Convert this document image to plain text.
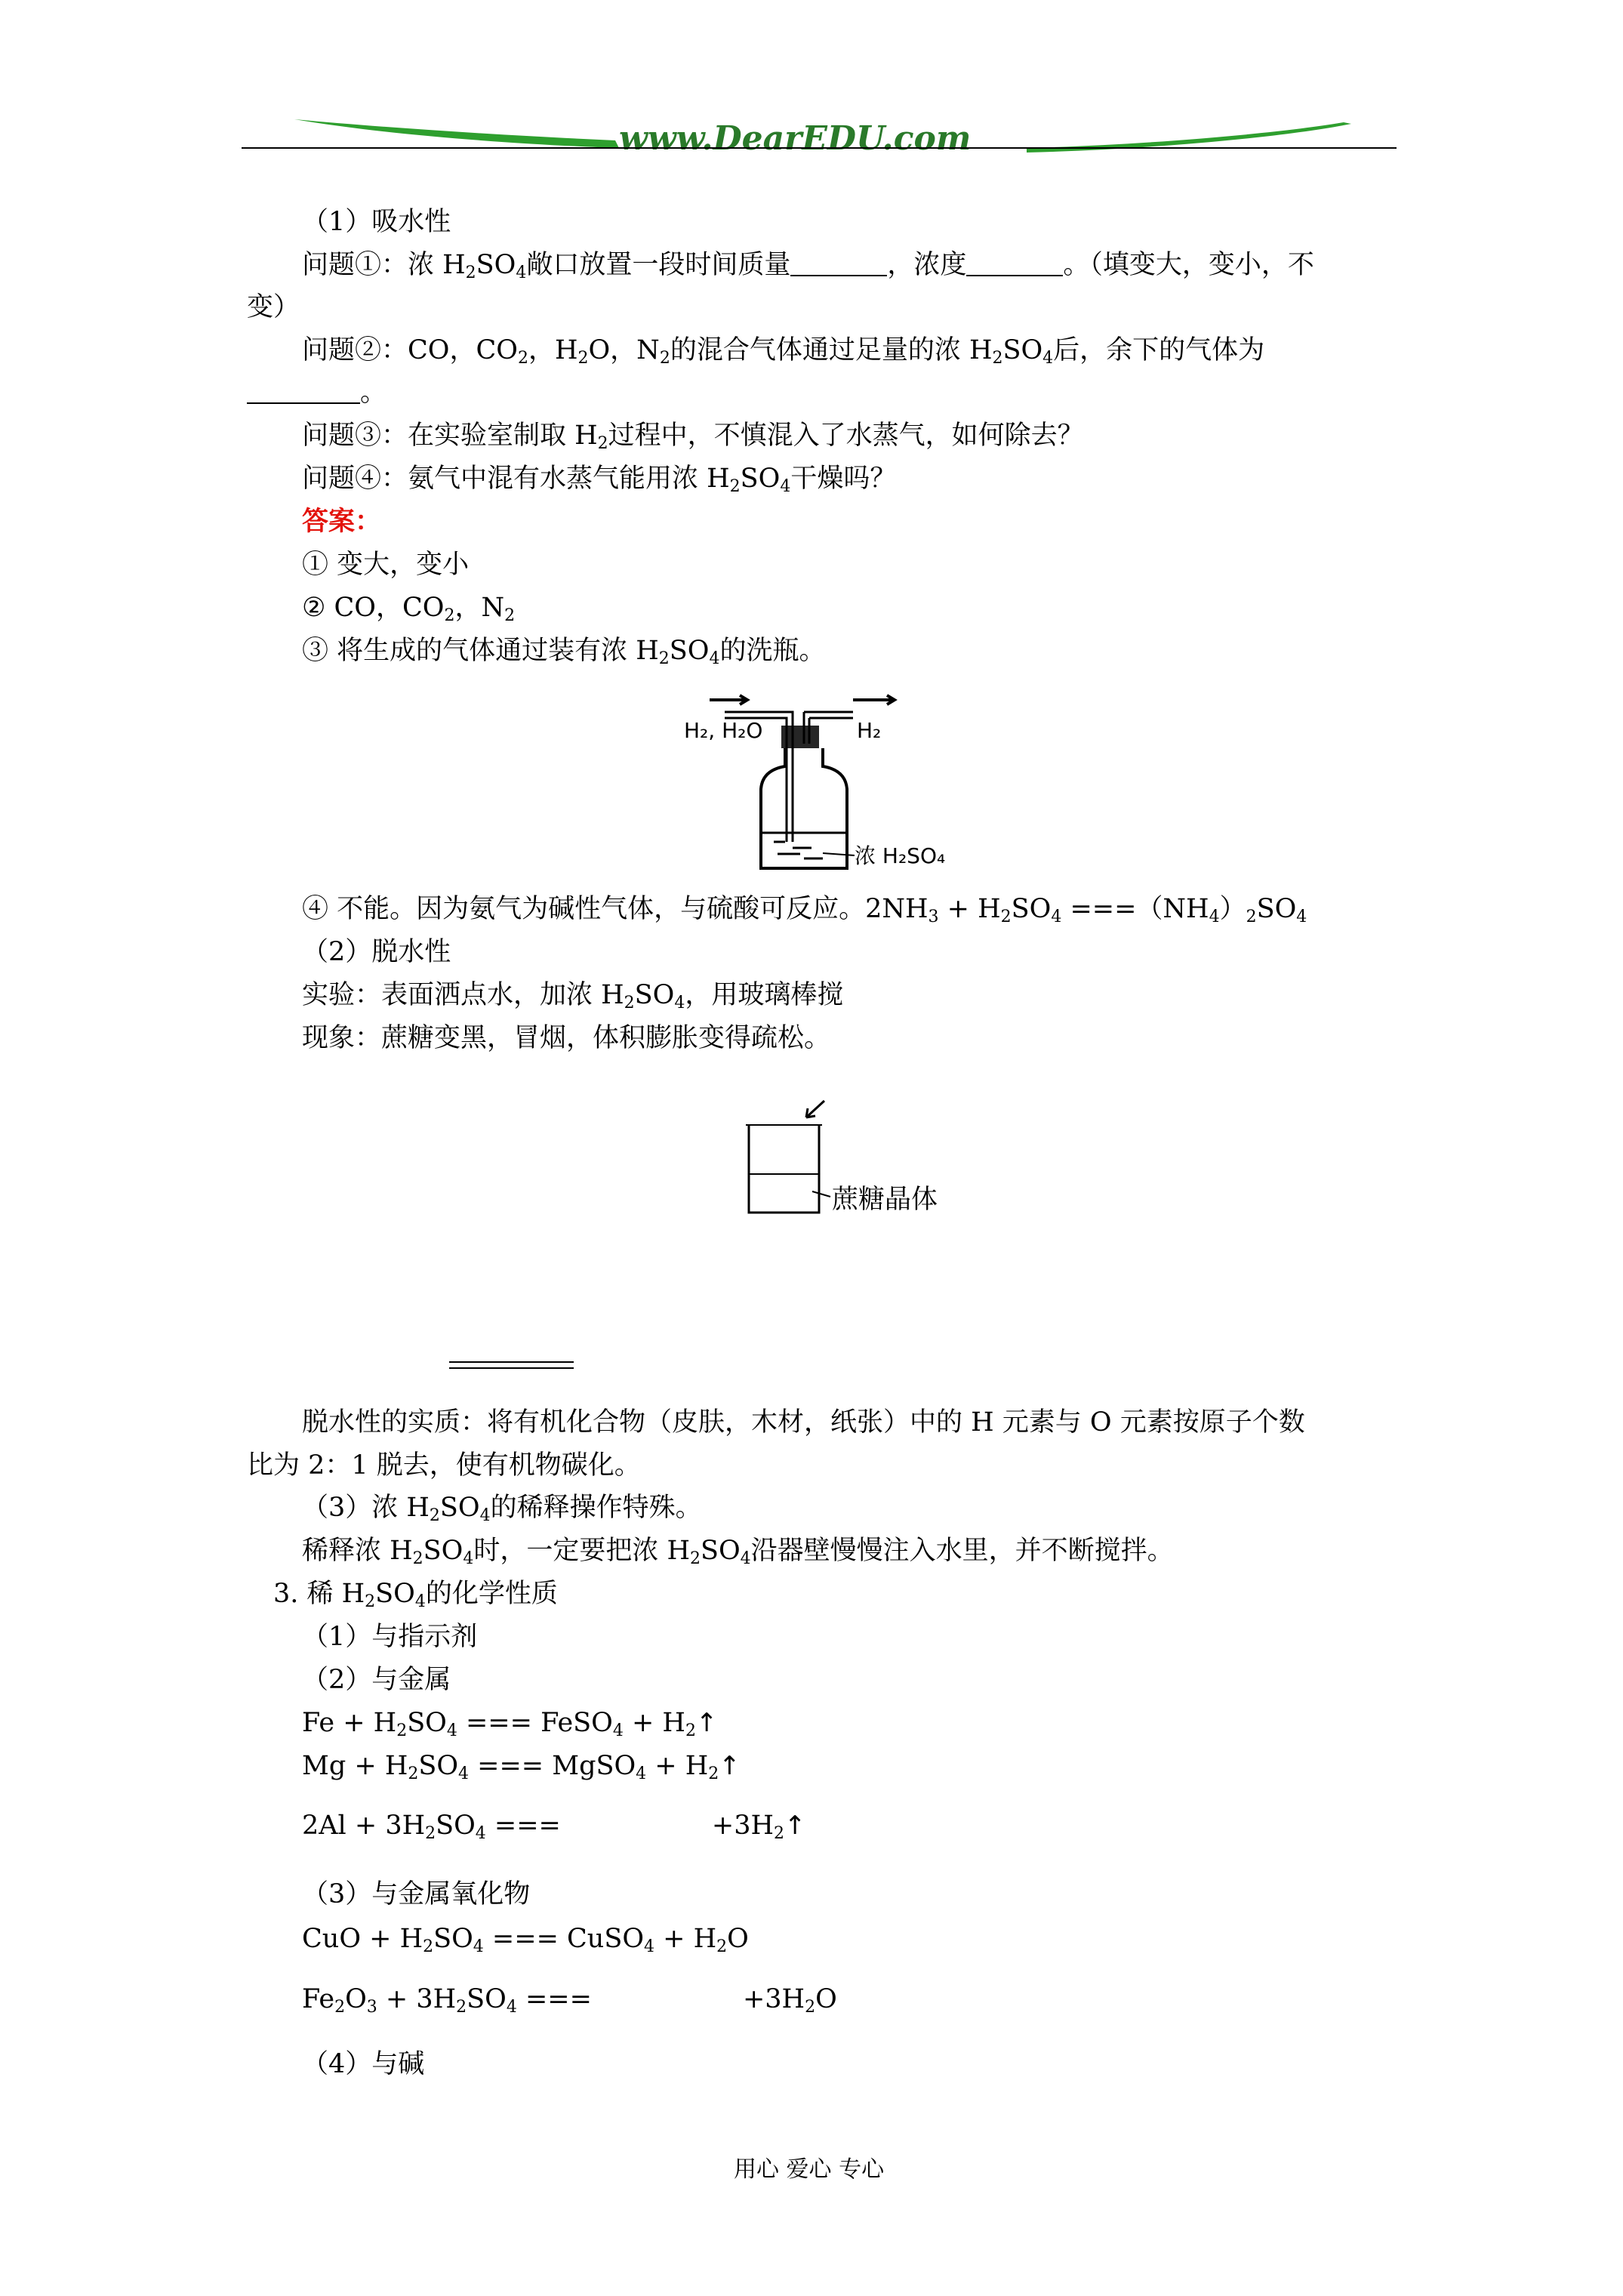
www.DearEDU.com
（1）吸水性
问题①：浓 $H_2SO_4$敞口放置一段时间质量	，浓度	。（填变大，变小，不
变）
问题②：CO，$CO_2$，$H_2O$，$N_2$的混合气体通过足量的浓 $H_2SO_4$后，余下的气体为
。
问题③：在实验室制取 $H_2$过程中，不慎混入了水蒸气，如何除去？
问题④：氨气中混有水蒸气能用浓 $H_2SO_4$干燥吗？
答案：
① 变大，变小
② CO，$CO_2$，$N_2$
③ 将生成的气体通过装有浓 $H_2SO_4$的洗瓶。
H₂, H₂O	H₂
浓 H₂SO₄
④ 不能。因为氨气为碱性气体，与硫酸可反应。$2NH_3 + H_2SO_4 ===(NH_4)_2SO_4$
（2）脱水性
实验：表面洒点水，加浓 $H_2SO_4$，用玻璃棒搅
现象：蔗糖变黑，冒烟，体积膨胀变得疏松。
蔗糖晶体
脱水性的实质：将有机化合物（皮肤，木材，纸张）中的 H 元素与 O 元素按原子个数
比为 2：1 脱去，使有机物碳化。
（3）浓 $H_2SO_4$的稀释操作特殊。
稀释浓 $H_2SO_4$时，一定要把浓 $H_2SO_4$沿器壁慢慢注入水里，并不断搅拌。
3. 稀 $H_2SO_4$的化学性质
（1）与指示剂
（2）与金属
$Fe + H_2SO_4$ === FeSO$_4$ + $H_2↑$
$Mg + H_2SO_4$ === MgSO$_4$ + $H_2↑$
$2Al + 3H_2SO_4$ ===	$+3H_2↑$
（3）与金属氧化物
CuO + $H_2SO_4$ === CuSO$_4$ + $H_2O$
$Fe_2O_3 + 3H_2SO_4$ ===	$+3H_2O$
（4）与碱
用心 爱心 专心
